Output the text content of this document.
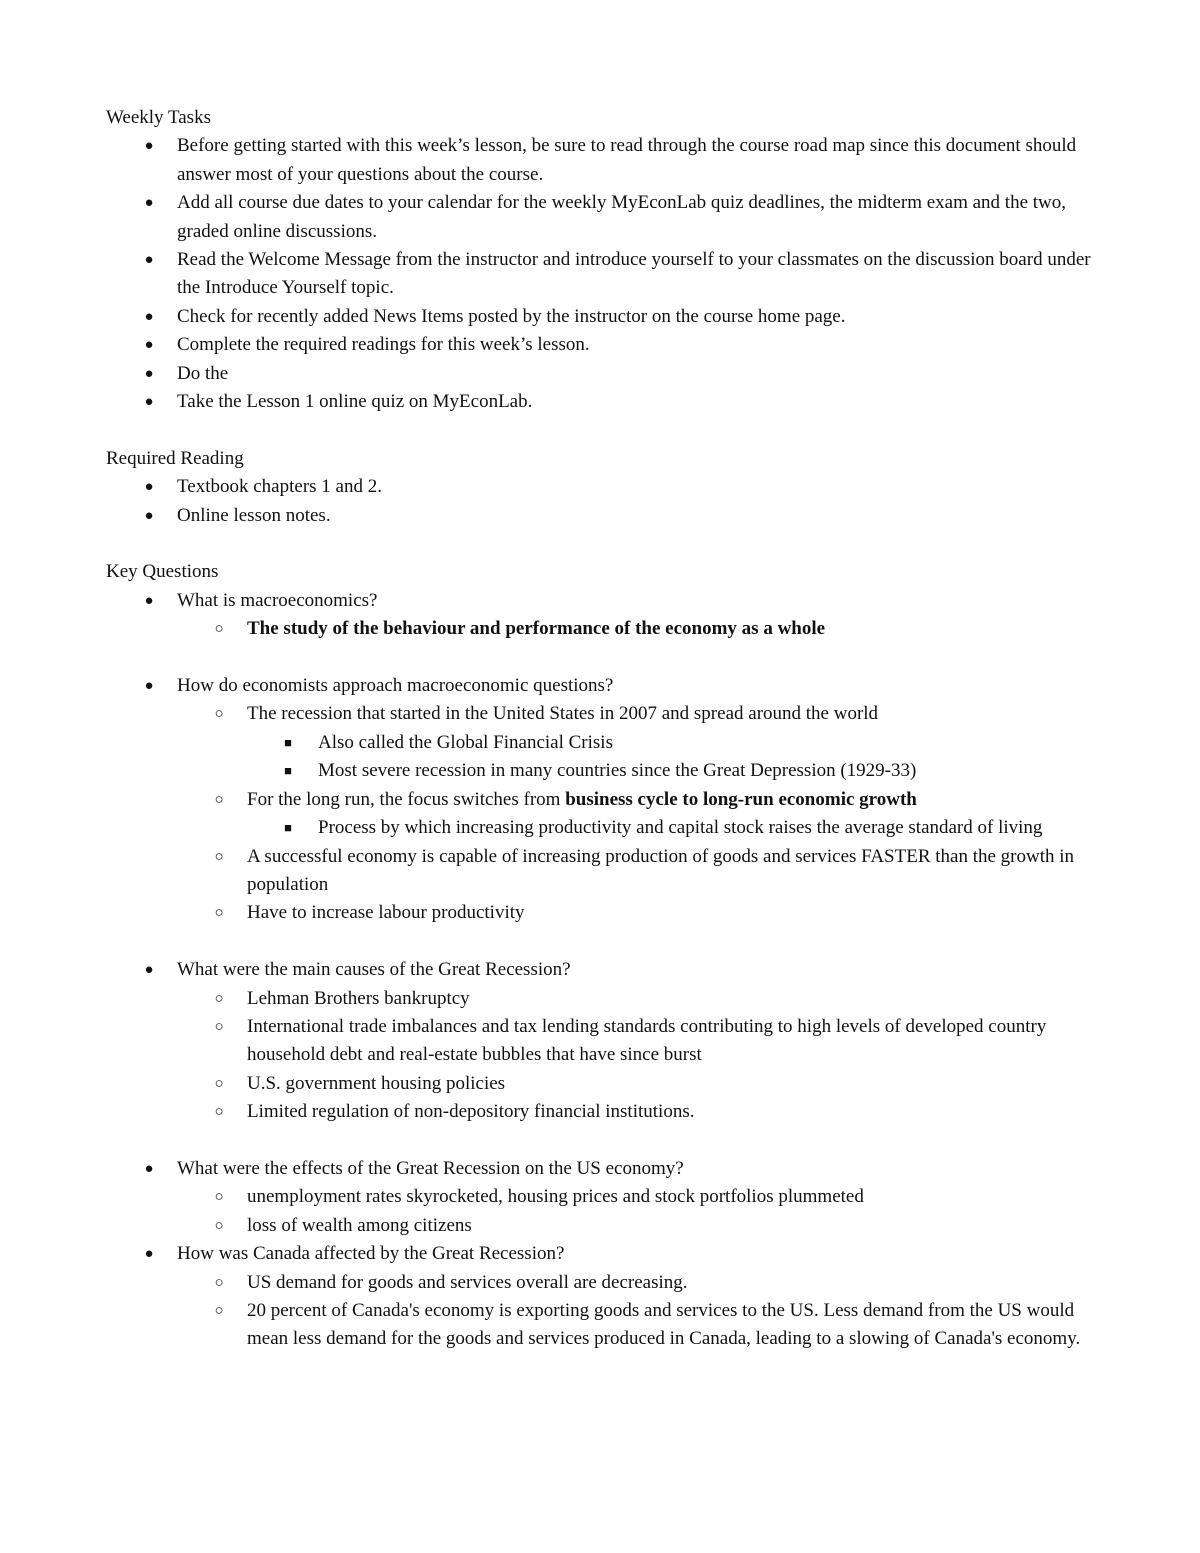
Weekly Tasks
● Before getting started with this week’s lesson, be sure to read through the course road map since this document should answer most of your questions about the course.
● Add all course due dates to your calendar for the weekly MyEconLab quiz deadlines, the midterm exam and the two, graded online discussions.
● Read the Welcome Message from the instructor and introduce yourself to your classmates on the discussion board under the Introduce Yourself topic.
● Check for recently added News Items posted by the instructor on the course home page.
● Complete the required readings for this week’s lesson.
● Do the
● Take the Lesson 1 online quiz on MyEconLab.
Required Reading
● Textbook chapters 1 and 2.
● Online lesson notes.
Key Questions
● What is macroeconomics?
○ The study of the behaviour and performance of the economy as a whole
● How do economists approach macroeconomic questions?
○ The recession that started in the United States in 2007 and spread around the world
■	Also called the Global Financial Crisis
■	Most severe recession in many countries since the Great Depression (1929-33)
○ For the long run, the focus switches from business cycle to long-run economic growth
■	Process by which increasing productivity and capital stock raises the average standard of living
○ A successful economy is capable of increasing production of goods and services FASTER than the growth in population
○ Have to increase labour productivity
● What were the main causes of the Great Recession?
○ Lehman Brothers bankruptcy
○ International trade imbalances and tax lending standards contributing to high levels of developed country household debt and real-estate bubbles that have since burst
○ U.S. government housing policies
○ Limited regulation of non-depository financial institutions.
● What were the effects of the Great Recession on the US economy?
○ unemployment rates skyrocketed, housing prices and stock portfolios plummeted
○ loss of wealth among citizens
● How was Canada affected by the Great Recession?
○ US demand for goods and services overall are decreasing.
○ 20 percent of Canada's economy is exporting goods and services to the US. Less demand from the US would mean less demand for the goods and services produced in Canada, leading to a slowing of Canada's economy.
